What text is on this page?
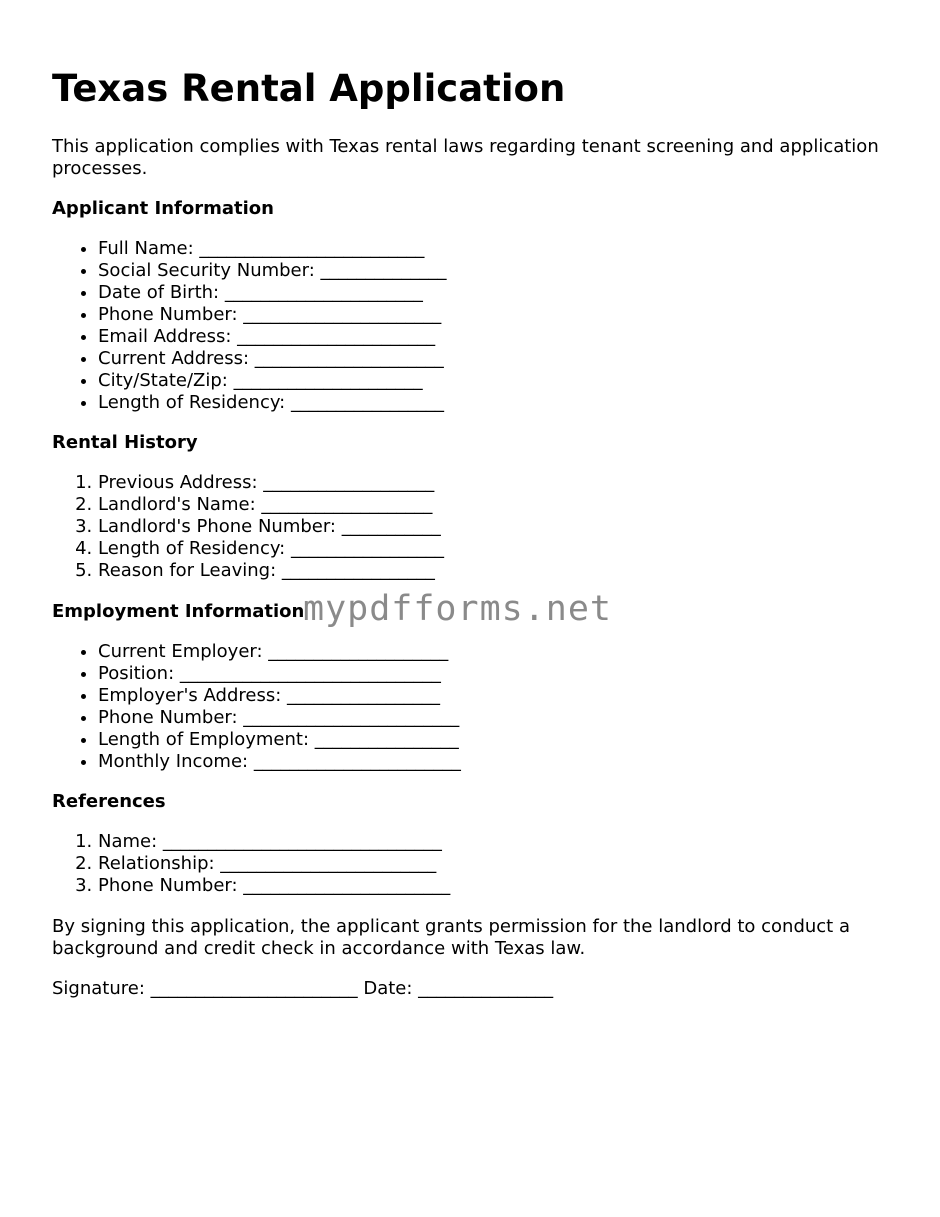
Texas Rental Application

This application complies with Texas rental laws regarding tenant screening and application processes.

Applicant Information
• Full Name: _________________________
• Social Security Number: ______________
• Date of Birth: ______________________
• Phone Number: ______________________
• Email Address: ______________________
• Current Address: _____________________
• City/State/Zip: _____________________
• Length of Residency: _________________
Rental History
1. Previous Address: ___________________
2. Landlord's Name: ___________________
3. Landlord's Phone Number: ___________
4. Length of Residency: _________________
5. Reason for Leaving: _________________
Employment Information
• Current Employer: ____________________
• Position: _____________________________
• Employer's Address: _________________
• Phone Number: ________________________
• Length of Employment: ________________
• Monthly Income: _______________________
References
1. Name: _______________________________
2. Relationship: ________________________
3. Phone Number: _______________________

By signing this application, the applicant grants permission for the landlord to conduct a background and credit check in accordance with Texas law.

Signature: _______________________ Date: _______________

mypdfforms.net
